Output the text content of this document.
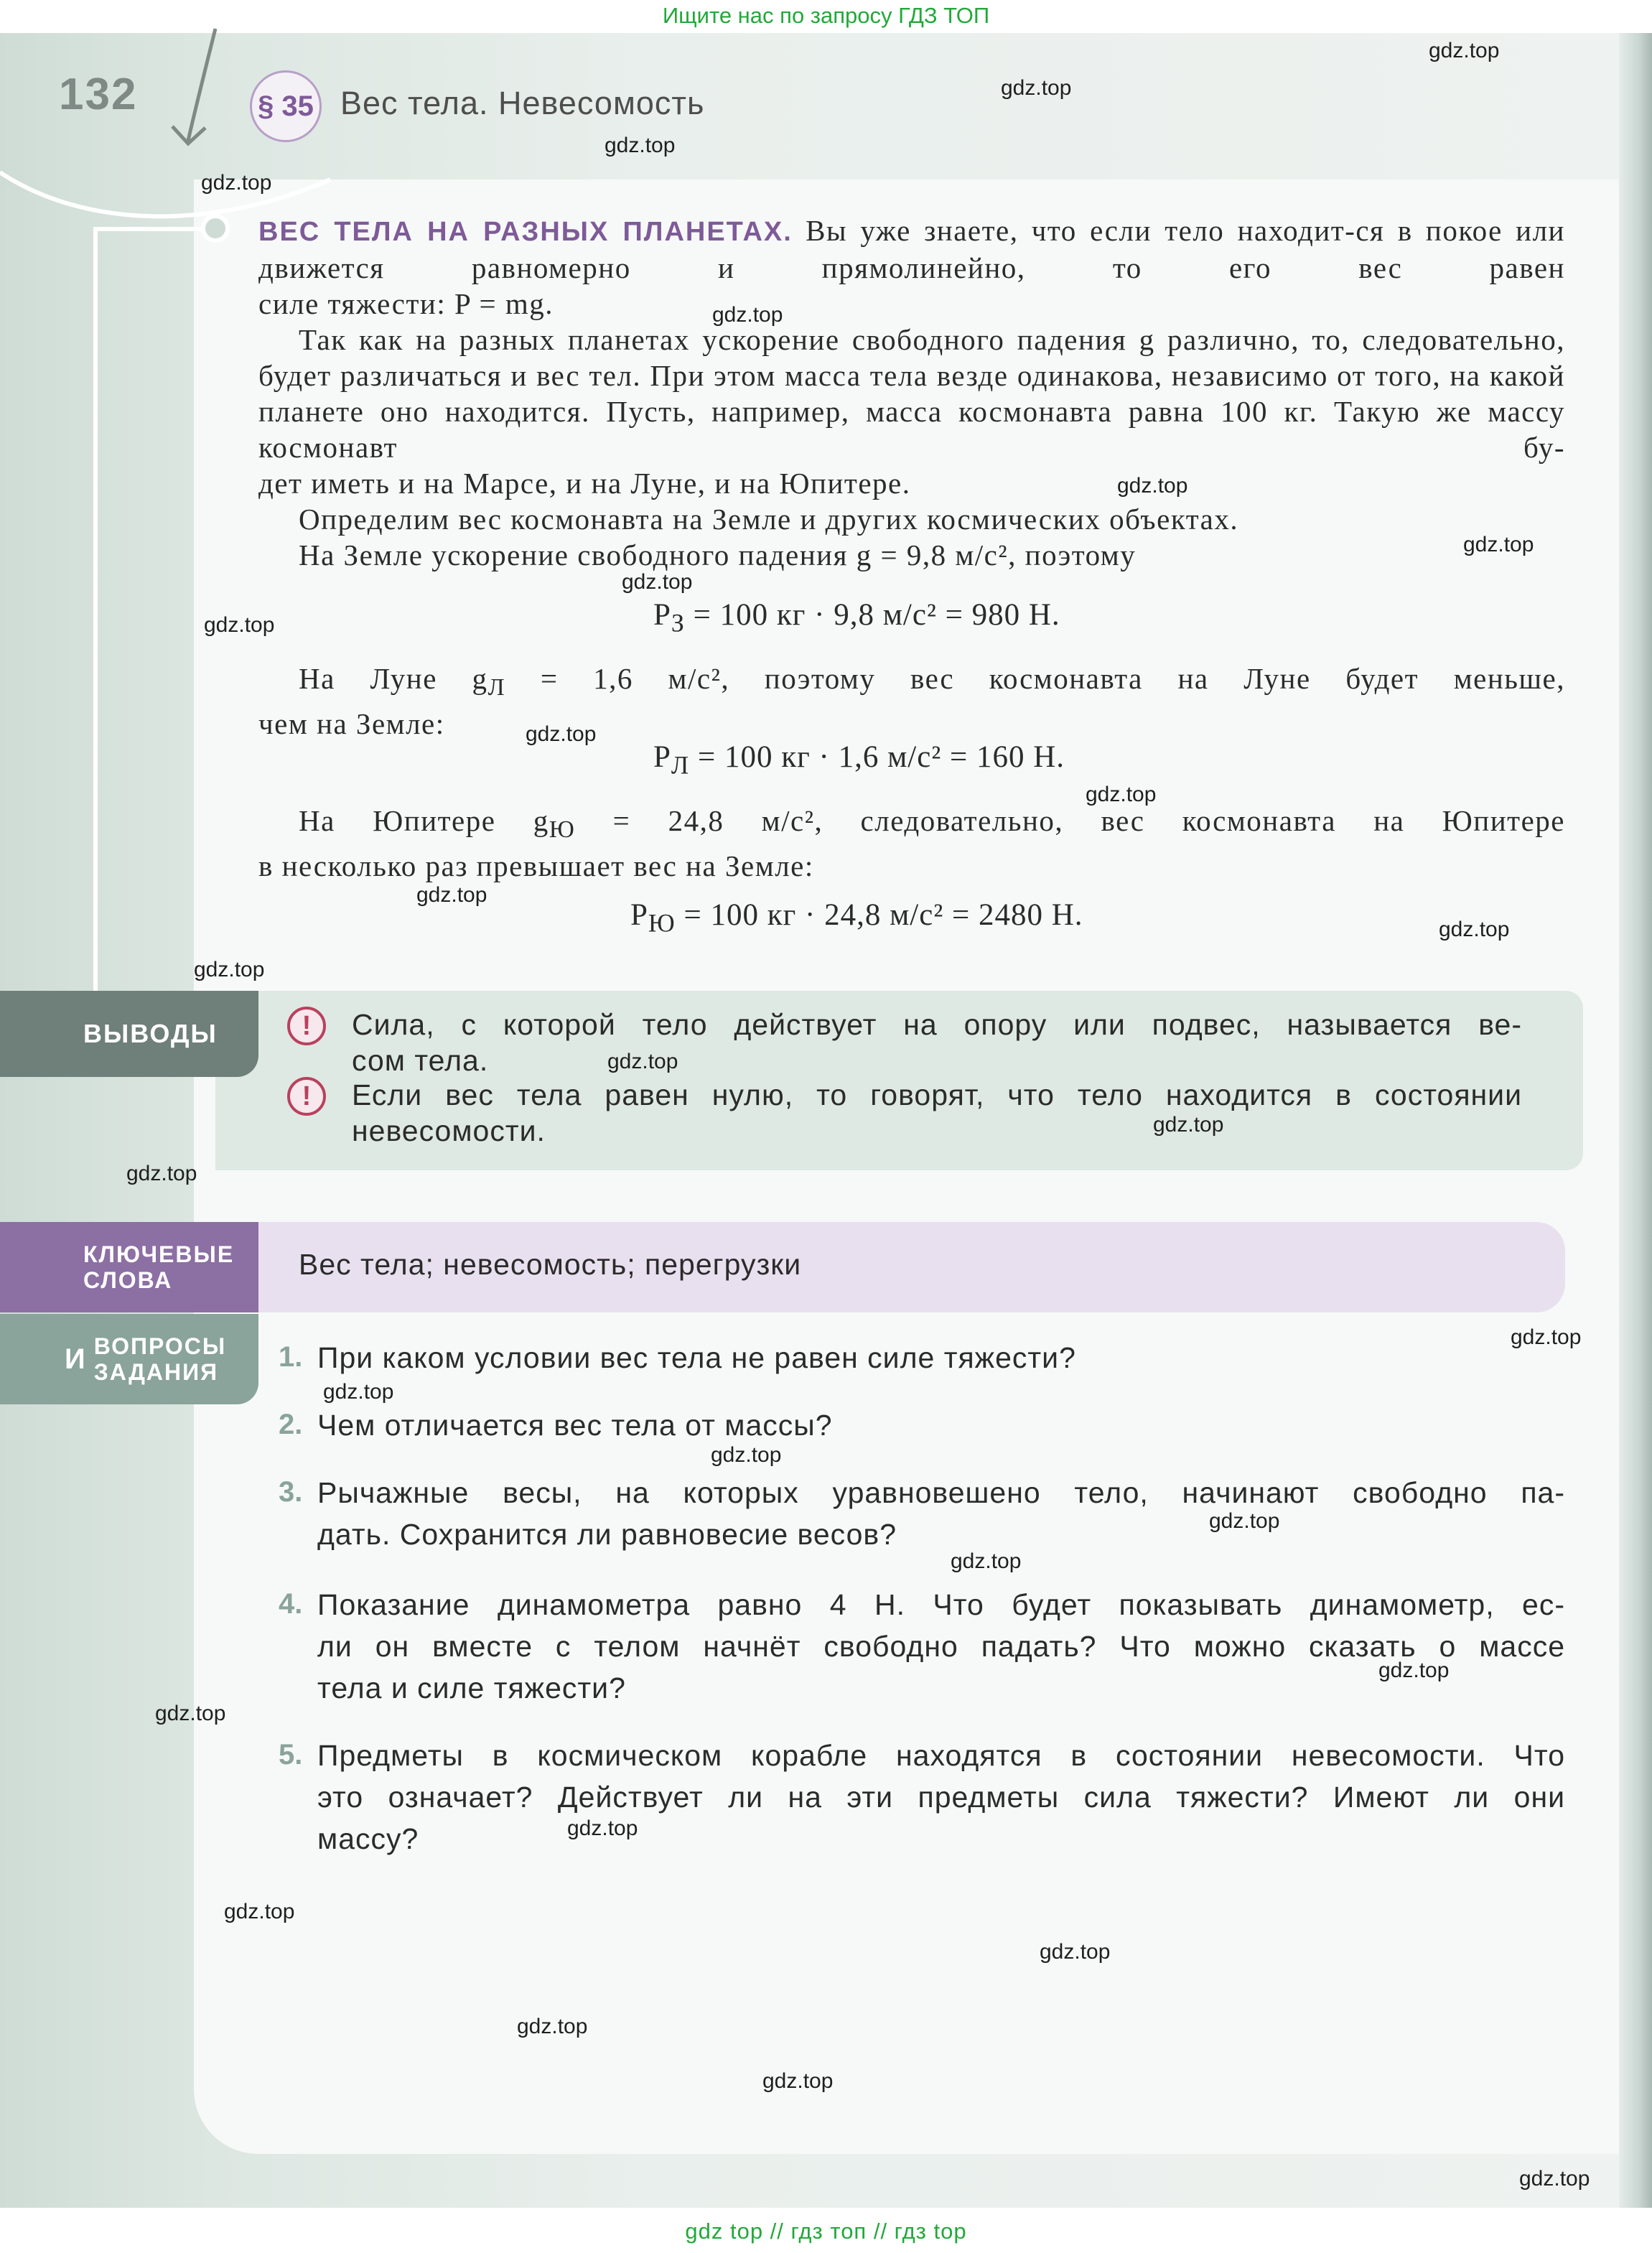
Ищите нас по запросу ГДЗ ТОП
132	§ 35 Вес тела. Невесомость
ВЕС ТЕЛА НА РАЗНЫХ ПЛАНЕТАХ. Вы уже знаете, что если тело находит-ся в покое или движется равномерно и прямолинейно, то его вес равен
силе тяжести: P = mg.
Так как на разных планетах ускорение свободного падения g различно, то, следовательно, будет различаться и вес тел. При этом масса тела везде одинакова, независимо от того, на какой планете оно находится. Пусть, например, масса космонавта равна 100 кг. Такую же массу космонавт бу-
дет иметь и на Марсе, и на Луне, и на Юпитере.
Определим вес космонавта на Земле и других космических объектах.
На Земле ускорение свободного падения g = 9,8 м/с², поэтому
$P_З = 100$ кг · 9,8 м/с² = 980 Н.
На Луне $g_Л = 1,6$ м/с², поэтому вес космонавта на Луне будет меньше,
чем на Земле:
$P_Л = 100$ кг · 1,6 м/с² = 160 Н.
На Юпитере $g_Ю = 24,8$ м/с², следовательно, вес космонавта на Юпитере
в несколько раз превышает вес на Земле:
$P_Ю = 100$ кг · 24,8 м/с² = 2480 Н.
ВЫВОДЫ	!	Сила, с которой тело действует на опору или подвес, называется ве-
сом тела.
!	Если вес тела равен нулю, то говорят, что тело находится в состоянии
невесомости.
КЛЮЧЕВЫЕ
СЛОВА	Вес тела; невесомость; перегрузки
И ВОПРОСЫ
ЗАДАНИЯ 1. При каком условии вес тела не равен силе тяжести?
2. Чем отличается вес тела от массы?
3. Рычажные весы, на которых уравновешено тело, начинают свободно па-
дать. Сохранится ли равновесие весов?
4. Показание динамометра равно 4 Н. Что будет показывать динамометр, ес-
ли он вместе с телом начнёт свободно падать? Что можно сказать о массе
тела и силе тяжести?
5. Предметы в космическом корабле находятся в состоянии невесомости. Что
это означает? Действует ли на эти предметы сила тяжести? Имеют ли они
массу?
gdz.top
gdz.top
gdz.top
gdz.top
gdz.top
gdz.top
gdz.top
gdz.top
gdz.top
gdz.top
gdz.top
gdz.top
gdz.top
gdz.top
gdz.top
gdz.top
gdz.top
gdz.top
gdz.top
gdz.top
gdz.top
gdz.top
gdz.top
gdz.top
gdz.top
gdz.top
gdz.top
gdz.top
gdz.top
gdz.top
gdz top // гдз топ // гдз top
